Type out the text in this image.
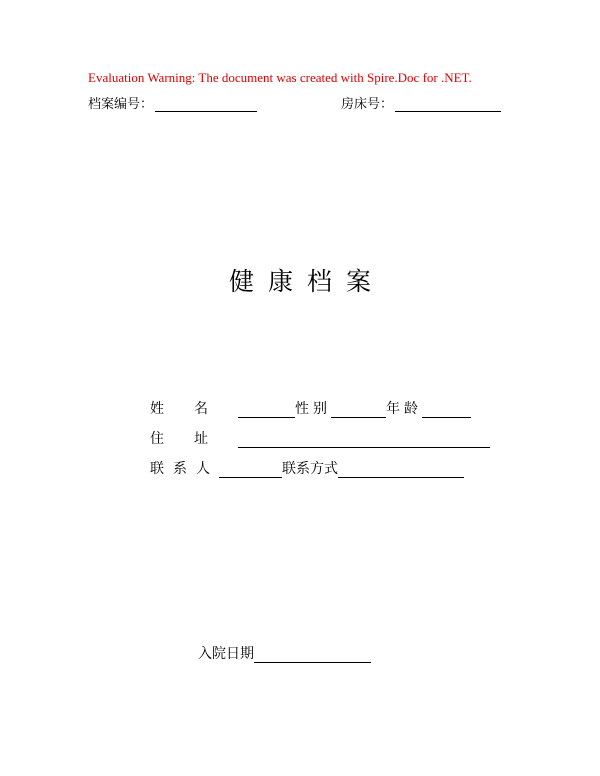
Evaluation Warning: The document was created with Spire.Doc for .NET.
档案编号：	房床号：
健康档案
姓名	性别	年龄
住址
联系人	联系方式
入院日期
